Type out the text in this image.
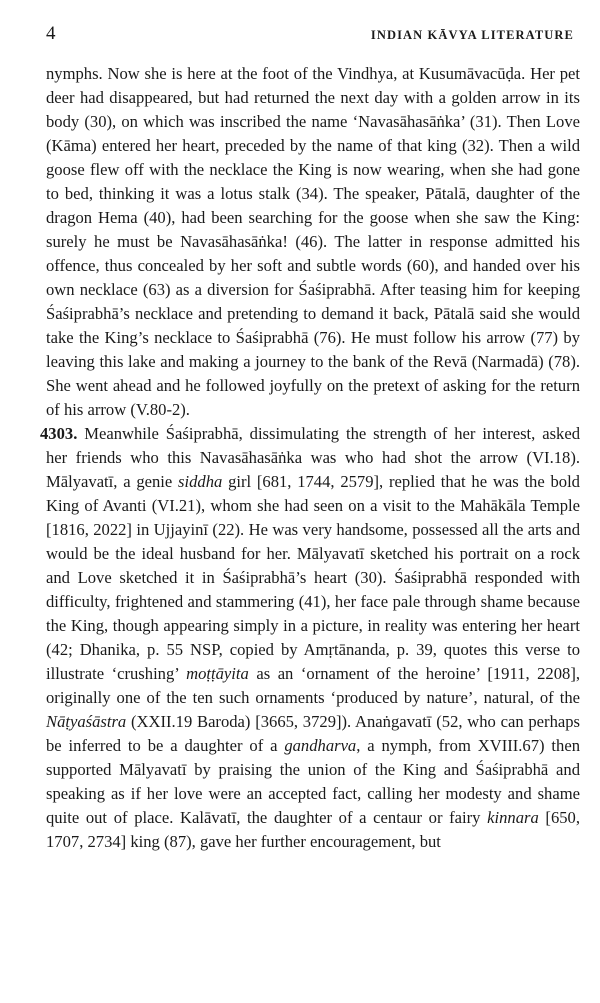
4	INDIAN KĀVYA LITERATURE

nymphs. Now she is here at the foot of the Vindhya, at Kusumāvacūḍa. Her pet deer had disappeared, but had returned the next day with a golden arrow in its body (30), on which was inscribed the name ‘Navasāhasāṅka’ (31). Then Love (Kāma) entered her heart, preceded by the name of that king (32). Then a wild goose flew off with the necklace the King is now wearing, when she had gone to bed, thinking it was a lotus stalk (34). The speaker, Pātalā, daughter of the dragon Hema (40), had been searching for the goose when she saw the King: surely he must be Navasāhasāṅka! (46). The latter in response admitted his offence, thus concealed by her soft and subtle words (60), and handed over his own necklace (63) as a diversion for Śaśiprabhā. After teasing him for keeping Śaśiprabhā’s necklace and pretending to demand it back, Pātalā said she would take the King’s necklace to Śaśiprabhā (76). He must follow his arrow (77) by leaving this lake and making a journey to the bank of the Revā (Narmadā) (78). She went ahead and he followed joyfully on the pretext of asking for the return of his arrow (V.80-2).

4303. Meanwhile Śaśiprabhā, dissimulating the strength of her interest, asked her friends who this Navasāhasāṅka was who had shot the arrow (VI.18). Mālyavatī, a genie siddha girl [681, 1744, 2579], replied that he was the bold King of Avanti (VI.21), whom she had seen on a visit to the Mahākāla Temple [1816, 2022] in Ujjayinī (22). He was very handsome, possessed all the arts and would be the ideal husband for her. Mālyavatī sketched his portrait on a rock and Love sketched it in Śaśiprabhā’s heart (30). Śaśiprabhā responded with difficulty, frightened and stammering (41), her face pale through shame because the King, though appearing simply in a picture, in reality was entering her heart (42; Dhanika, p. 55 NSP, copied by Amṛtānanda, p. 39, quotes this verse to illustrate ‘crushing’ moṭṭāyita as an ‘ornament of the heroine’ [1911, 2208], originally one of the ten such ornaments ‘produced by nature’, natural, of the Nāṭyaśāstra (XXII.19 Baroda) [3665, 3729]). Anaṅgavatī (52, who can perhaps be inferred to be a daughter of a gandharva, a nymph, from XVIII.67) then supported Mālyavatī by praising the union of the King and Śaśiprabhā and speaking as if her love were an accepted fact, calling her modesty and shame quite out of place. Kalāvatī, the daughter of a centaur or fairy kinnara [650, 1707, 2734] king (87), gave her further encouragement, but
